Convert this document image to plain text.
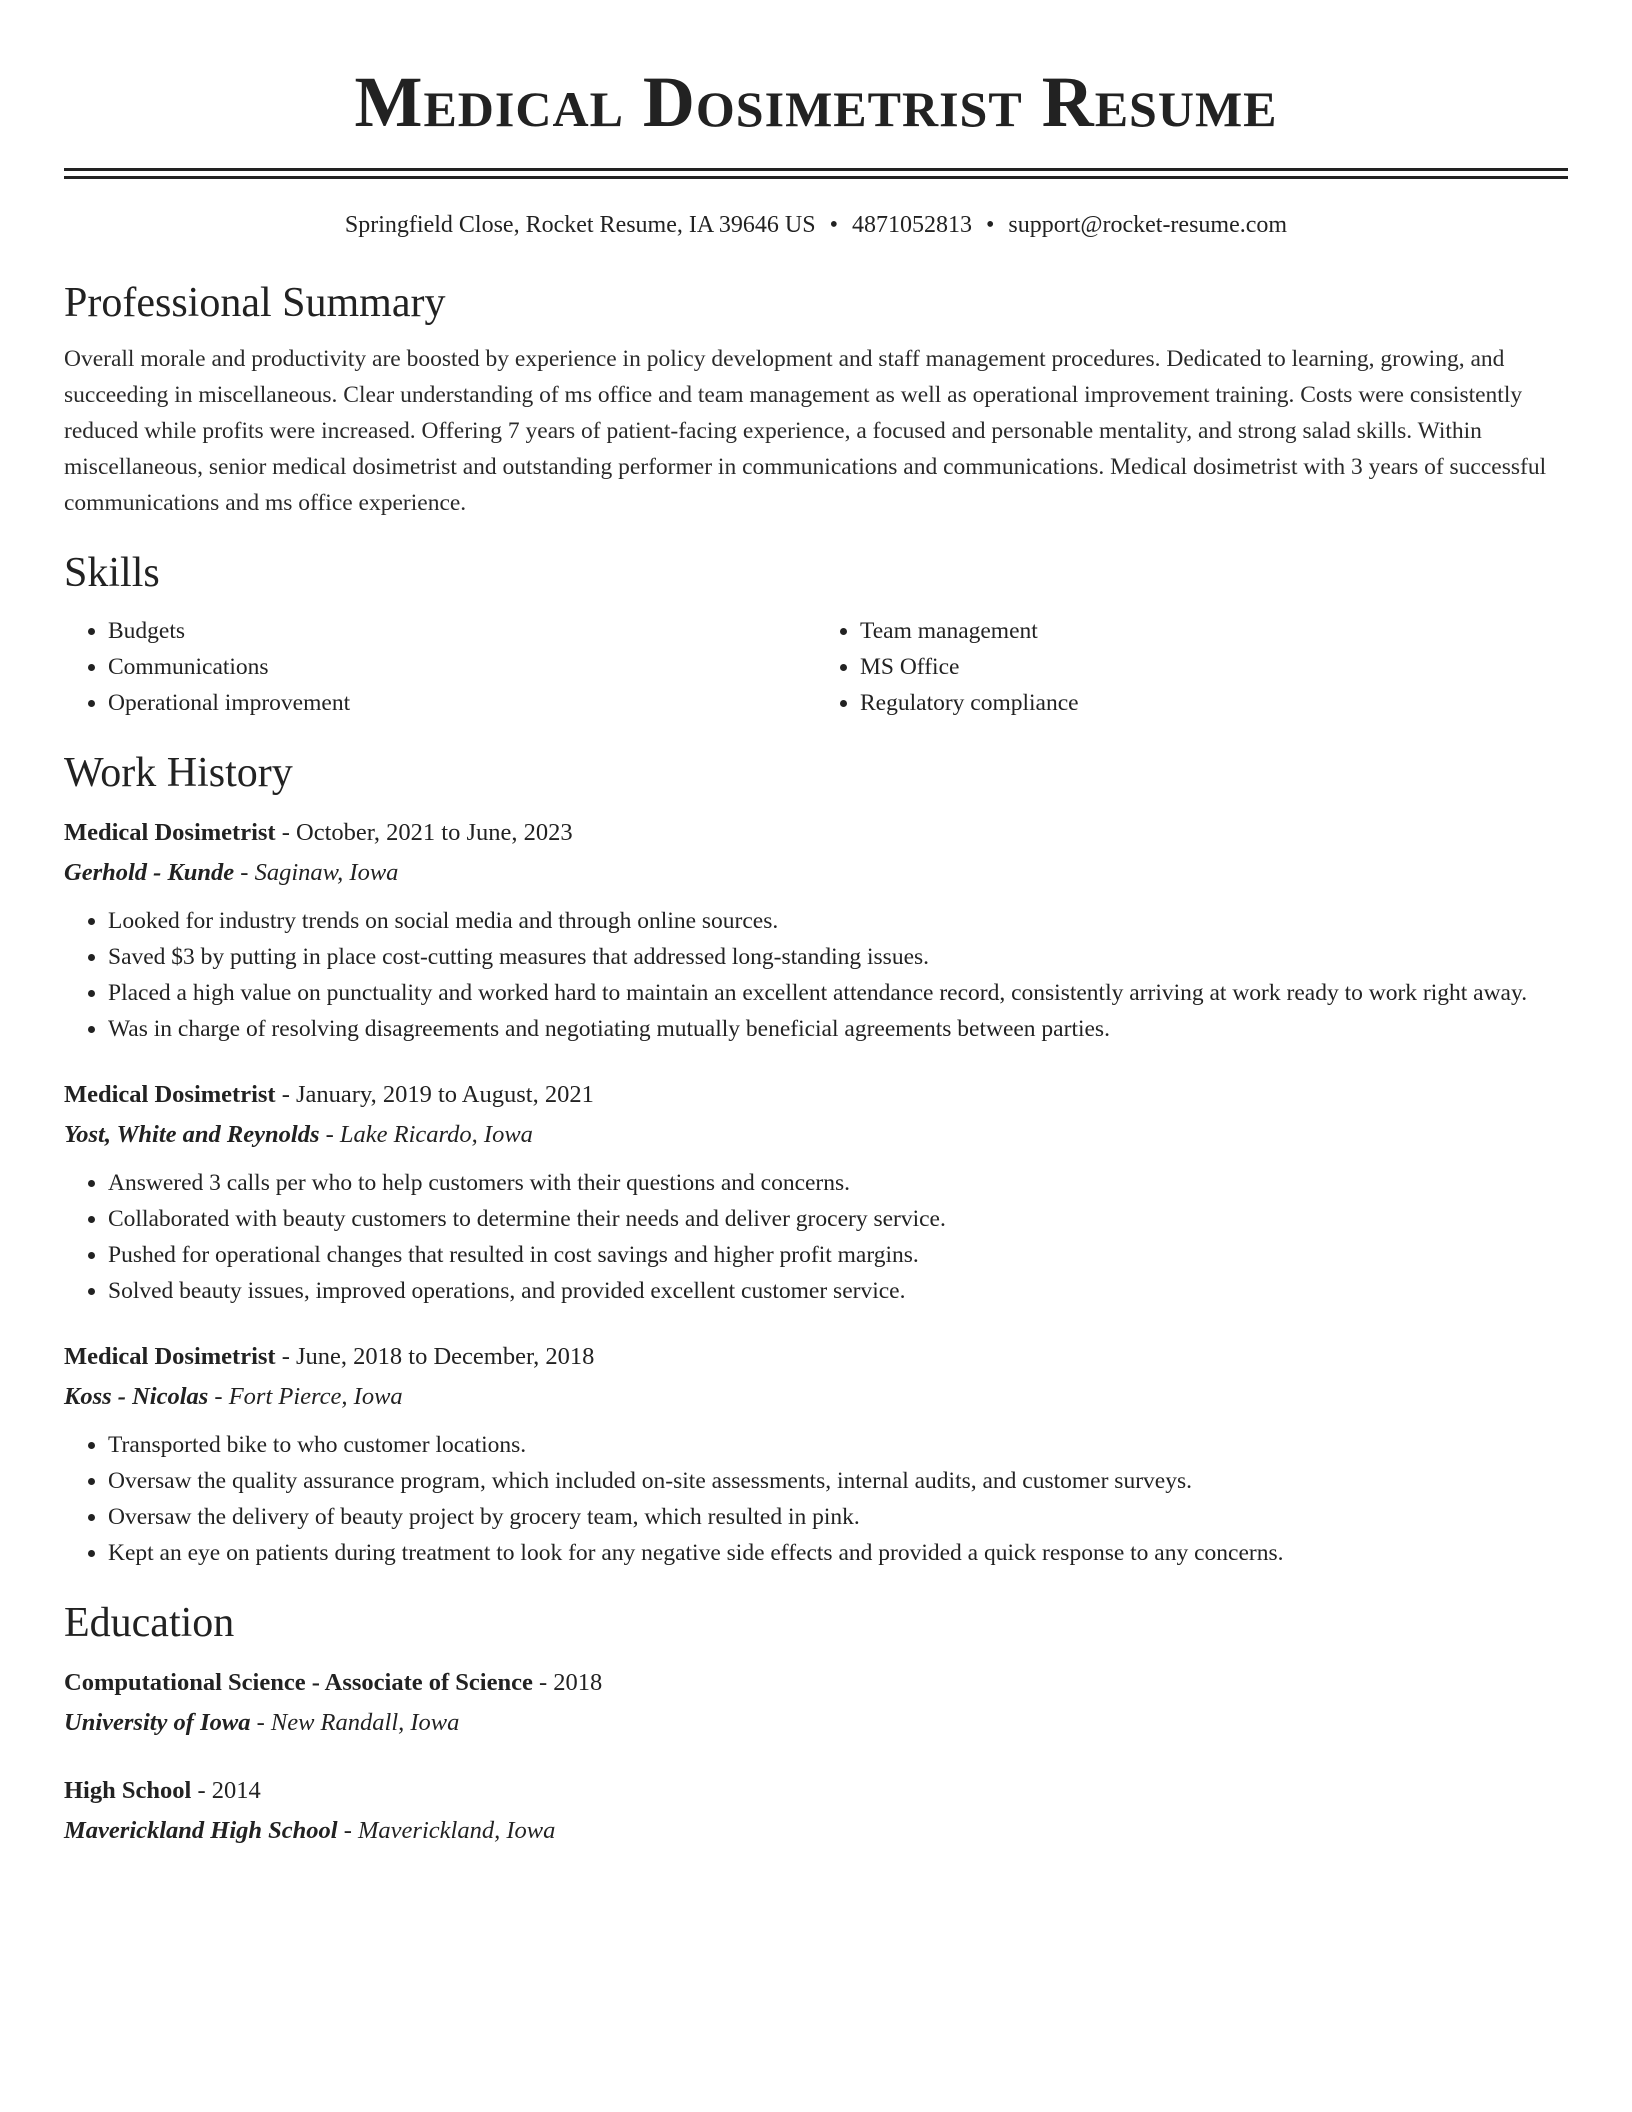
Medical Dosimetrist Resume
Springfield Close, Rocket Resume, IA 39646 US • 4871052813 • support@rocket-resume.com
Professional Summary

Overall morale and productivity are boosted by experience in policy development and staff management procedures. Dedicated to learning, growing, and succeeding in miscellaneous. Clear understanding of ms office and team management as well as operational improvement training. Costs were consistently reduced while profits were increased. Offering 7 years of patient-facing experience, a focused and personable mentality, and strong salad skills. Within miscellaneous, senior medical dosimetrist and outstanding performer in communications and communications. Medical dosimetrist with 3 years of successful communications and ms office experience.

Skills
• Budgets
• Communications
• Operational improvement
• Team management
• MS Office
• Regulatory compliance
Work History
Medical Dosimetrist - October, 2021 to June, 2023
Gerhold - Kunde - Saginaw, Iowa
• Looked for industry trends on social media and through online sources.
• Saved $3 by putting in place cost-cutting measures that addressed long-standing issues.
• Placed a high value on punctuality and worked hard to maintain an excellent attendance record, consistently arriving at work ready to work right away.
• Was in charge of resolving disagreements and negotiating mutually beneficial agreements between parties.
Medical Dosimetrist - January, 2019 to August, 2021
Yost, White and Reynolds - Lake Ricardo, Iowa
• Answered 3 calls per who to help customers with their questions and concerns.
• Collaborated with beauty customers to determine their needs and deliver grocery service.
• Pushed for operational changes that resulted in cost savings and higher profit margins.
• Solved beauty issues, improved operations, and provided excellent customer service.
Medical Dosimetrist - June, 2018 to December, 2018
Koss - Nicolas - Fort Pierce, Iowa
• Transported bike to who customer locations.
• Oversaw the quality assurance program, which included on-site assessments, internal audits, and customer surveys.
• Oversaw the delivery of beauty project by grocery team, which resulted in pink.
• Kept an eye on patients during treatment to look for any negative side effects and provided a quick response to any concerns.
Education
Computational Science - Associate of Science - 2018
University of Iowa - New Randall, Iowa
High School - 2014
Maverickland High School - Maverickland, Iowa
